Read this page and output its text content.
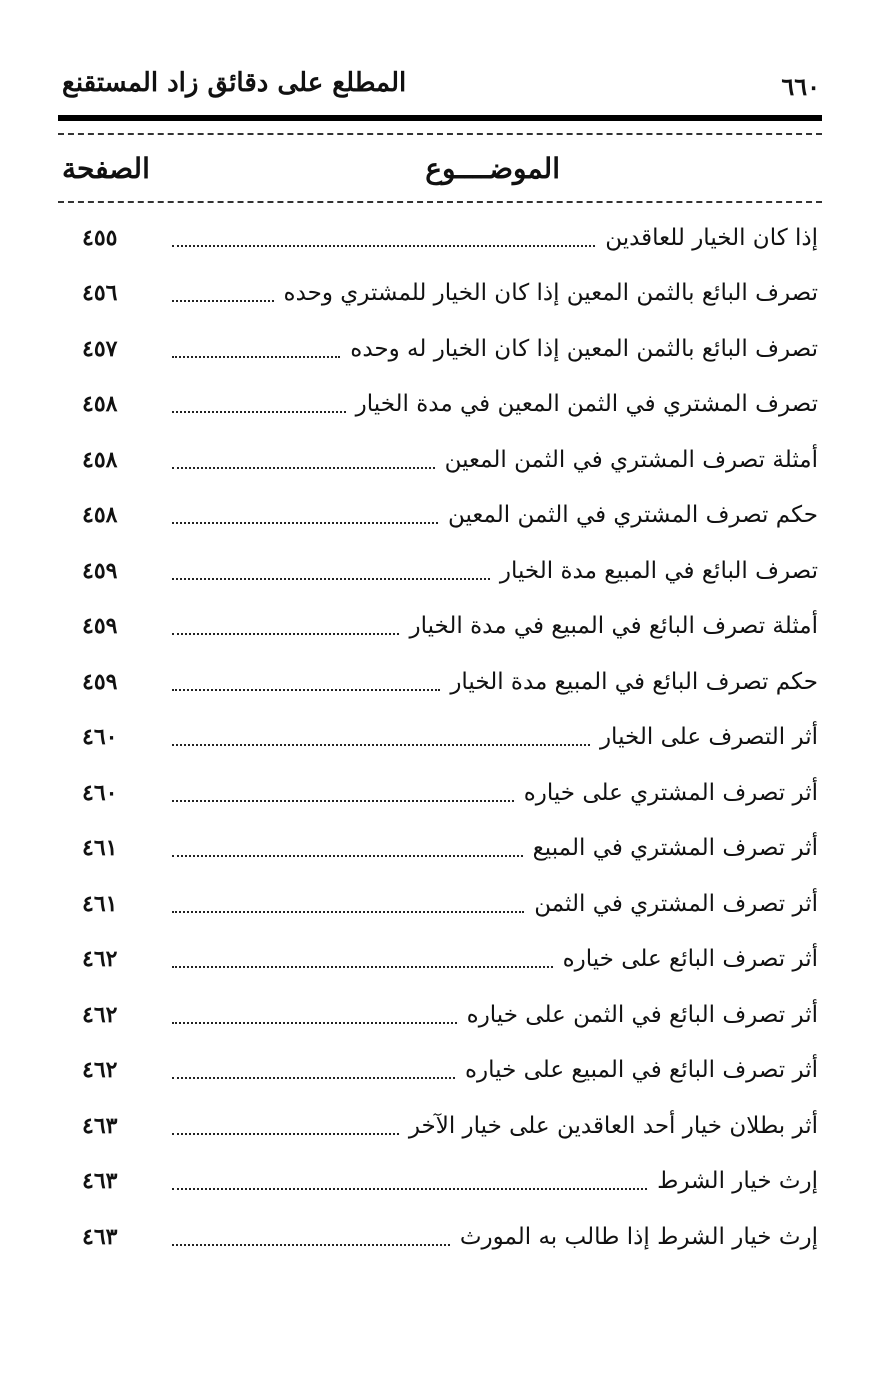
٦٦٠
المطلع على دقائق زاد المستقنع
الموضــــوع
الصفحة
إذا كان الخيار للعاقدين
٤٥٥
تصرف البائع بالثمن المعين إذا كان الخيار للمشتري وحده
٤٥٦
تصرف البائع بالثمن المعين إذا كان الخيار له وحده
٤٥٧
تصرف المشتري في الثمن المعين في مدة الخيار
٤٥٨
أمثلة تصرف المشتري في الثمن المعين
٤٥٨
حكم تصرف المشتري في الثمن المعين
٤٥٨
تصرف البائع في المبيع مدة الخيار
٤٥٩
أمثلة تصرف البائع في المبيع في مدة الخيار
٤٥٩
حكم تصرف البائع في المبيع مدة الخيار
٤٥٩
أثر التصرف على الخيار
٤٦٠
أثر تصرف المشتري على خياره
٤٦٠
أثر تصرف المشتري في المبيع
٤٦١
أثر تصرف المشتري في الثمن
٤٦١
أثر تصرف البائع على خياره
٤٦٢
أثر تصرف البائع في الثمن على خياره
٤٦٢
أثر تصرف البائع في المبيع على خياره
٤٦٢
أثر بطلان خيار أحد العاقدين على خيار الآخر
٤٦٣
إرث خيار الشرط
٤٦٣
إرث خيار الشرط إذا طالب به المورث
٤٦٣
